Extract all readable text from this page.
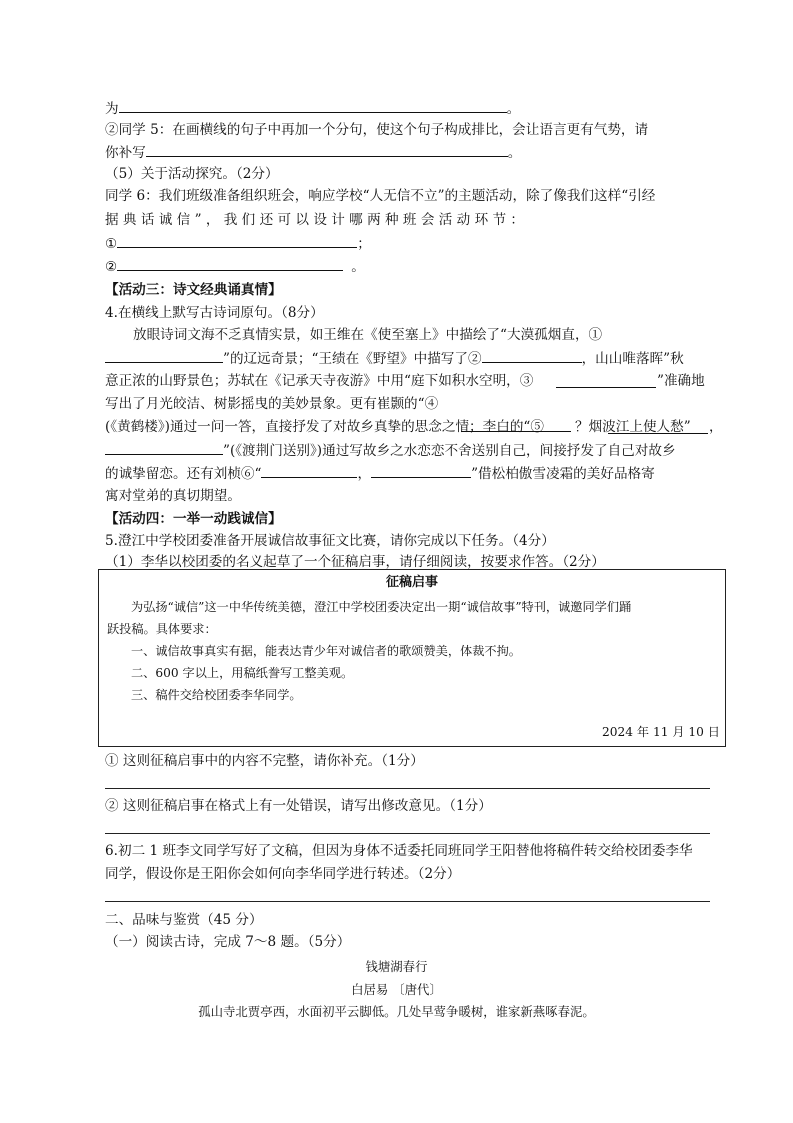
为	。
②同学 5：在画横线的句子中再加一个分句，使这个句子构成排比，会让语言更有气势，请
你补写	。
（5）关于活动探究。（2分）
同学 6：我们班级准备组织班会，响应学校“人无信不立”的主题活动，除了像我们这样“引经
据 典 话 诚 信 ” ， 我 们 还 可 以 设 计 哪 两 种 班 会 活 动 环 节 ：
①	；
②	。
【活动三：诗文经典诵真情】
4.在横线上默写古诗词原句。（8分）
放眼诗词文海不乏真情实景，如王维在《使至塞上》中描绘了“大漠孤烟直，①
”的辽远奇景；“王绩在《野望》中描写了②	，山山唯落晖”秋
意正浓的山野景色；苏轼在《记承天寺夜游》中用“庭下如积水空明，③	”准确地
写出了月光皎洁、树影摇曳的美妙景象。更有崔颢的“④
？烟波江上使人愁”
(《黄鹤楼》)通过一问一答，直接抒发了对故乡真挚的思念之情；李白的“⑤	，
”(《渡荆门送别》)通过写故乡之水恋恋不舍送别自己，间接抒发了自己对故乡
的诚挚留恋。还有刘桢⑥“	，	”借松柏傲雪凌霜的美好品格寄
寓对堂弟的真切期望。
【活动四：一举一动践诚信】
5.澄江中学校团委准备开展诚信故事征文比赛，请你完成以下任务。（4分）
（1）李华以校团委的名义起草了一个征稿启事，请仔细阅读，按要求作答。（2分）
征稿启事
为弘扬“诚信”这一中华传统美德，澄江中学校团委决定出一期“诚信故事”特刊，诚邀同学们踊
跃投稿。具体要求：
一、诚信故事真实有据，能表达青少年对诚信者的歌颂赞美，体裁不拘。
二、600 字以上，用稿纸誊写工整美观。
三、稿件交给校团委李华同学。
2024 年 11 月 10 日
① 这则征稿启事中的内容不完整，请你补充。（1分）
② 这则征稿启事在格式上有一处错误，请写出修改意见。（1分）
6.初二 1 班李文同学写好了文稿，但因为身体不适委托同班同学王阳替他将稿件转交给校团委李华
同学，假设你是王阳你会如何向李华同学进行转述。（2分）
二、品味与鉴赏（45 分）
（一）阅读古诗，完成 7～8 题。（5分）
钱塘湖春行
白居易 〔唐代〕
孤山寺北贾亭西，水面初平云脚低。几处早莺争暖树，谁家新燕啄春泥。
